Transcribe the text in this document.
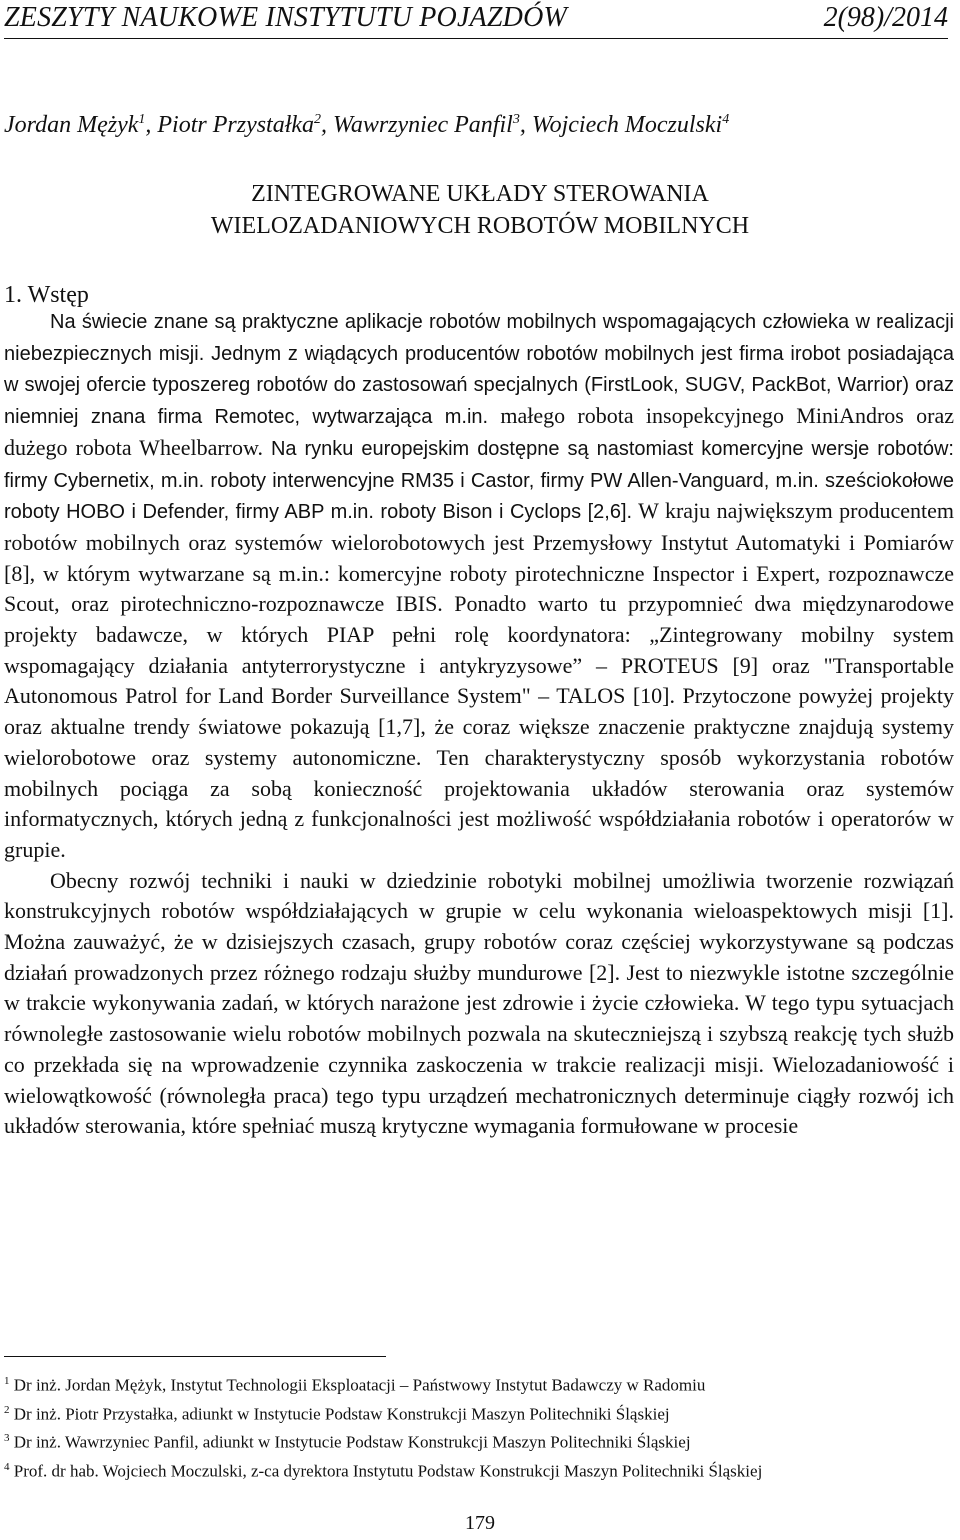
ZESZYTY NAUKOWE INSTYTUTU POJAZDÓW	2(98)/2014
Jordan Mężyk$^1$, Piotr Przystałka$^2$, Wawrzyniec Panfil$^3$, Wojciech Moczulski$^4$
ZINTEGROWANE UKŁADY STEROWANIA
WIELOZADANIOWYCH ROBOTÓW MOBILNYCH
1. Wstęp

Na świecie znane są praktyczne aplikacje robotów mobilnych wspomagających człowieka w realizacji niebezpiecznych misji. Jednym z wiądących producentów robotów mobilnych jest firma irobot posiadająca w swojej ofercie typoszereg robotów do zastosowań specjalnych (FirstLook, SUGV, PackBot, Warrior) oraz niemniej znana firma Remotec, wytwarzająca m.in. małego robota insopekcyjnego MiniAndros oraz dużego robota Wheelbarrow. Na rynku europejskim dostępne są nastomiast komercyjne wersje robotów: firmy Cybernetix, m.in. roboty interwencyjne RM35 i Castor, firmy PW Allen-Vanguard, m.in. sześciokołowe roboty HOBO i Defender, firmy ABP m.in. roboty Bison i Cyclops [2,6]. W kraju największym producentem robotów mobilnych oraz systemów wielorobotowych jest Przemysłowy Instytut Automatyki i Pomiarów [8], w którym wytwarzane są m.in.: komercyjne roboty pirotechniczne Inspector i Expert, rozpoznawcze Scout, oraz pirotechniczno-rozpoznawcze IBIS. Ponadto warto tu przypomnieć dwa międzynarodowe projekty badawcze, w których PIAP pełni rolę koordynatora: „Zintegrowany mobilny system wspomagający działania antyterrorystyczne i antykryzysowe” – PROTEUS [9] oraz "Transportable Autonomous Patrol for Land Border Surveillance System" – TALOS [10]. Przytoczone powyżej projekty oraz aktualne trendy światowe pokazują [1,7], że coraz większe znaczenie praktyczne znajdują systemy wielorobotowe oraz systemy autonomiczne. Ten charakterystyczny sposób wykorzystania robotów mobilnych pociąga za sobą konieczność projektowania układów sterowania oraz systemów informatycznych, których jedną z funkcjonalności jest możliwość współdziałania robotów i operatorów w grupie.

Obecny rozwój techniki i nauki w dziedzinie robotyki mobilnej umożliwia tworzenie rozwiązań konstrukcyjnych robotów współdziałających w grupie w celu wykonania wieloaspektowych misji [1]. Można zauważyć, że w dzisiejszych czasach, grupy robotów coraz częściej wykorzystywane są podczas działań prowadzonych przez różnego rodzaju służby mundurowe [2]. Jest to niezwykle istotne szczególnie w trakcie wykonywania zadań, w których narażone jest zdrowie i życie człowieka. W tego typu sytuacjach równoległe zastosowanie wielu robotów mobilnych pozwala na skuteczniejszą i szybszą reakcję tych służb co przekłada się na wprowadzenie czynnika zaskoczenia w trakcie realizacji misji. Wielozadaniowość i wielowątkowość (równoległa praca) tego typu urządzeń mechatronicznych determinuje ciągły rozwój ich układów sterowania, które spełniać muszą krytyczne wymagania formułowane w procesie

$^1$ Dr inż. Jordan Mężyk, Instytut Technologii Eksploatacji – Państwowy Instytut Badawczy w Radomiu
$^2$ Dr inż. Piotr Przystałka, adiunkt w Instytucie Podstaw Konstrukcji Maszyn Politechniki Śląskiej
$^3$ Dr inż. Wawrzyniec Panfil, adiunkt w Instytucie Podstaw Konstrukcji Maszyn Politechniki Śląskiej
$^4$ Prof. dr hab. Wojciech Moczulski, z-ca dyrektora Instytutu Podstaw Konstrukcji Maszyn Politechniki Śląskiej
179
